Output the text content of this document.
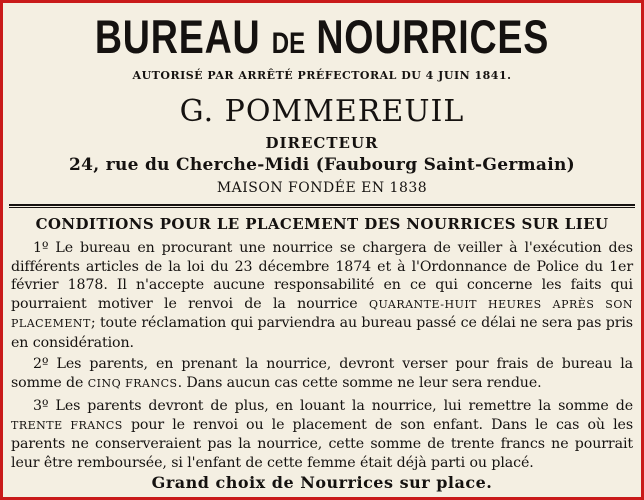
BUREAU DE NOURRICES
AUTORISÉ PAR ARRÊTÉ PRÉFECTORAL DU 4 JUIN 1841.
G. POMMEREUIL
DIRECTEUR
24, rue du Cherche-Midi (Faubourg Saint-Germain)
MAISON FONDÉE EN 1838
CONDITIONS POUR LE PLACEMENT DES NOURRICES SUR LIEU
1º Le bureau en procurant une nourrice se chargera de veiller à l'exécution des différents articles de la loi du 23 décembre 1874 et à l'Ordonnance de Police du 1er février 1878. Il n'accepte aucune responsabilité en ce qui concerne les faits qui pourraient motiver le renvoi de la nourrice QUARANTE-HUIT HEURES APRÈS SON PLACEMENT; toute réclamation qui parviendra au bureau passé ce délai ne sera pas pris en considération.
2º Les parents, en prenant la nourrice, devront verser pour frais de bureau la somme de CINQ FRANCS. Dans aucun cas cette somme ne leur sera rendue.
3º Les parents devront de plus, en louant la nourrice, lui remettre la somme de TRENTE FRANCS pour le renvoi ou le placement de son enfant. Dans le cas où les parents ne conserveraient pas la nourrice, cette somme de trente francs ne pourrait leur être remboursée, si l'enfant de cette femme était déjà parti ou placé.
Grand choix de Nourrices sur place.
